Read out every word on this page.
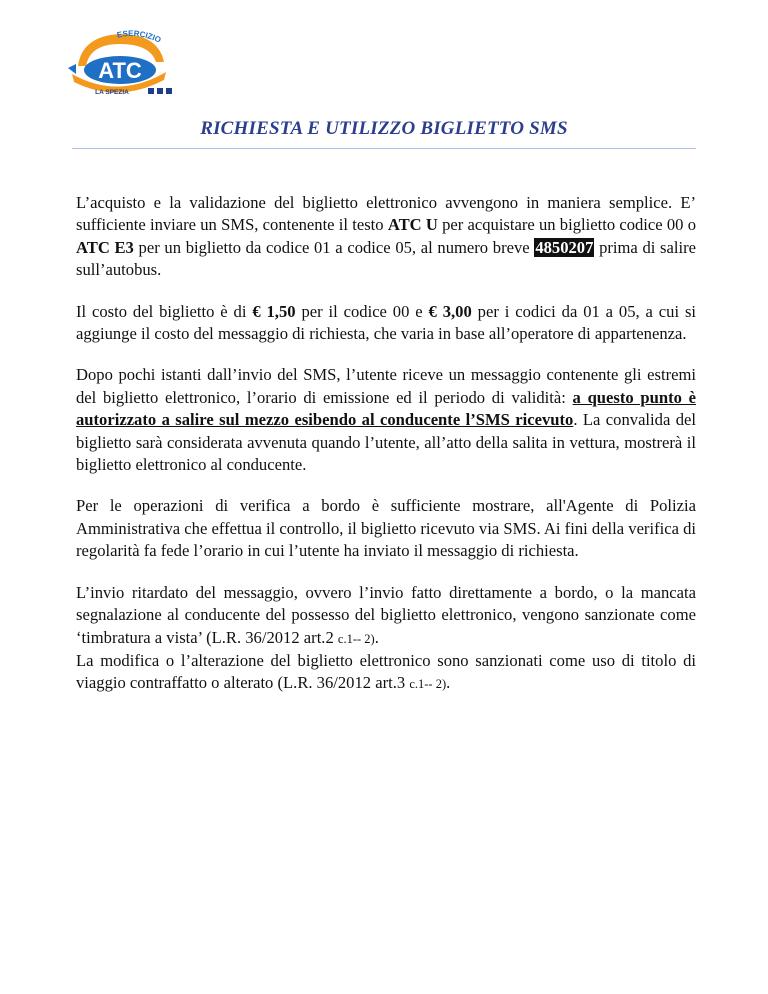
ESERCIZIO
ATC
LA SPEZIA
RICHIESTA E UTILIZZO BIGLIETTO SMS

L’acquisto e la validazione del biglietto elettronico avvengono in maniera semplice. E’ sufficiente inviare un SMS, contenente il testo ATC U per acquistare un biglietto codice 00 o ATC E3 per un biglietto da codice 01 a codice 05, al numero breve 4850207 prima di salire sull’autobus.

Il costo del biglietto è di € 1,50 per il codice 00 e € 3,00 per i codici da 01 a 05, a cui si aggiunge il costo del messaggio di richiesta, che varia in base all’operatore di appartenenza.

Dopo pochi istanti dall’invio del SMS, l’utente riceve un messaggio contenente gli estremi del biglietto elettronico, l’orario di emissione ed il periodo di validità: a questo punto è autorizzato a salire sul mezzo esibendo al conducente l’SMS ricevuto. La convalida del biglietto sarà considerata avvenuta quando l’utente, all’atto della salita in vettura, mostrerà il biglietto elettronico al conducente.

Per le operazioni di verifica a bordo è sufficiente mostrare, all'Agente di Polizia Amministrativa che effettua il controllo, il biglietto ricevuto via SMS. Ai fini della verifica di regolarità fa fede l’orario in cui l’utente ha inviato il messaggio di richiesta.

L’invio ritardato del messaggio, ovvero l’invio fatto direttamente a bordo, o la mancata segnalazione al conducente del possesso del biglietto elettronico, vengono sanzionate come ‘timbratura a vista’ (L.R. 36/2012 art.2 c.1-- 2).

La modifica o l’alterazione del biglietto elettronico sono sanzionati come uso di titolo di viaggio contraffatto o alterato (L.R. 36/2012 art.3 c.1-- 2).
